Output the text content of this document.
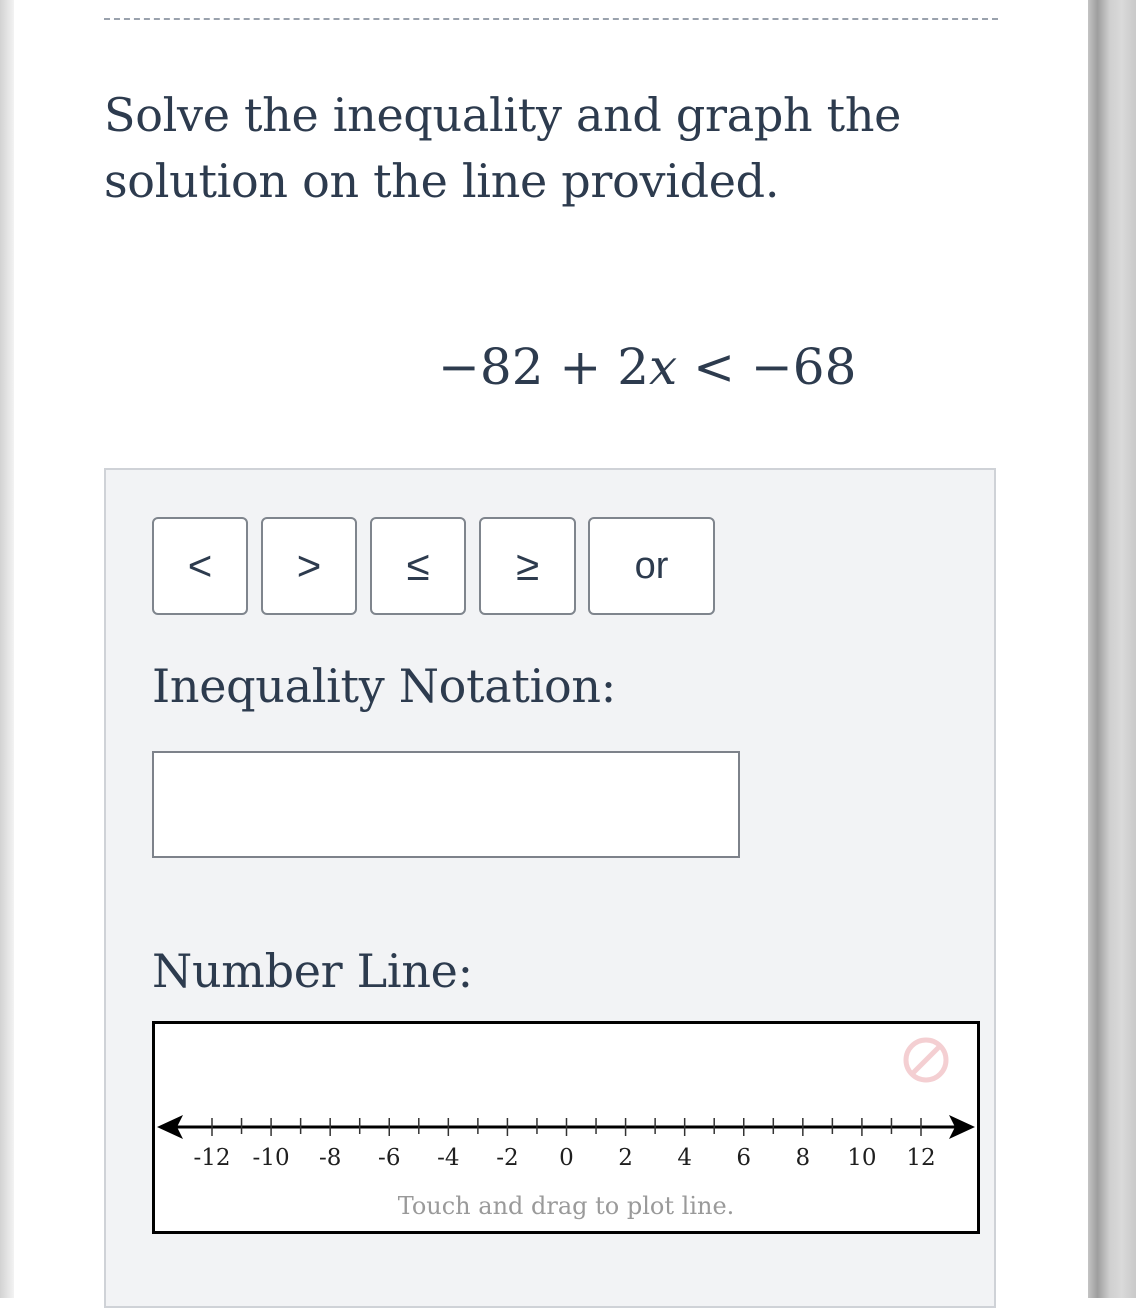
Solve the inequality and graph the solution on the line provided.
−82 + 2x < −68
<	>	≤	≥	or
Inequality Notation:
Number Line:
-12 -10 -8 -6 -4 -2 0 2 4 6 8 10 12
Touch and drag to plot line.
